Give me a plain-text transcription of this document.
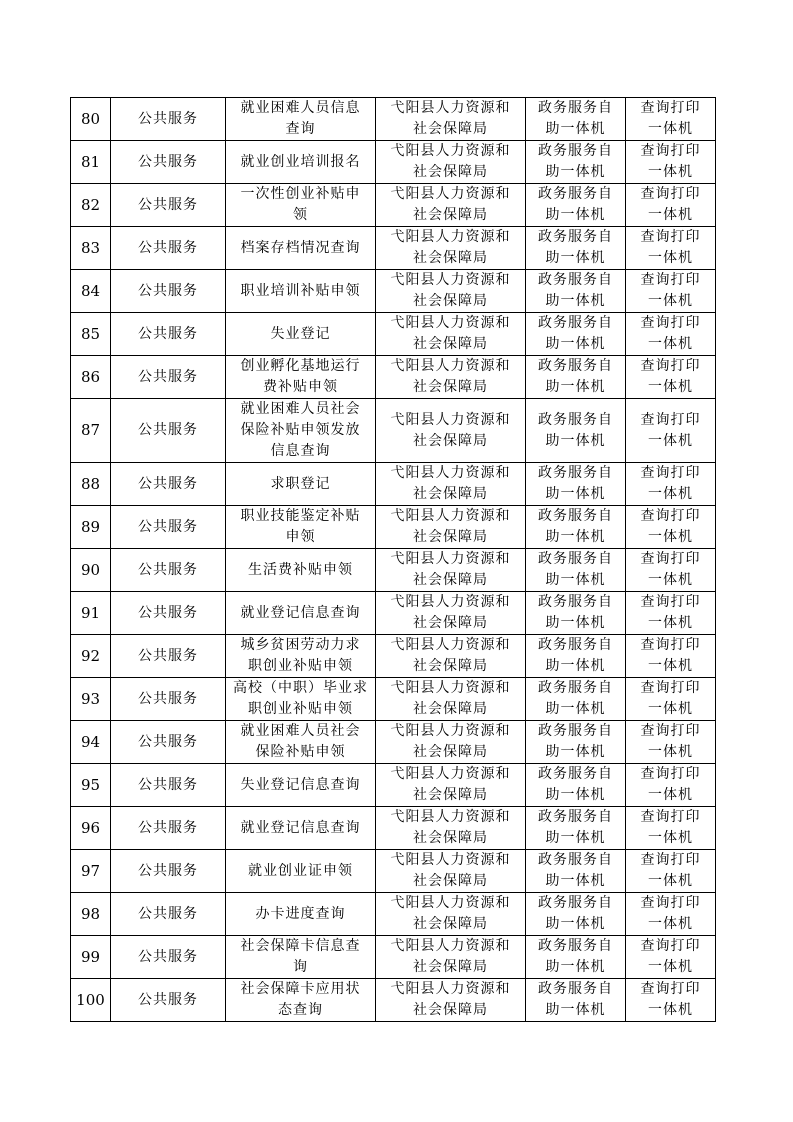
80	公共服务	就业困难人员信息
查询	弋阳县人力资源和
社会保障局	政务服务自
助一体机	查询打印
一体机

81	公共服务	就业创业培训报名	弋阳县人力资源和
社会保障局	政务服务自
助一体机	查询打印
一体机

82	公共服务	一次性创业补贴申
领	弋阳县人力资源和
社会保障局	政务服务自
助一体机	查询打印
一体机

83	公共服务	档案存档情况查询	弋阳县人力资源和
社会保障局	政务服务自
助一体机	查询打印
一体机

84	公共服务	职业培训补贴申领	弋阳县人力资源和
社会保障局	政务服务自
助一体机	查询打印
一体机

85	公共服务	失业登记	弋阳县人力资源和
社会保障局	政务服务自
助一体机	查询打印
一体机

86	公共服务	创业孵化基地运行
费补贴申领	弋阳县人力资源和
社会保障局	政务服务自
助一体机	查询打印
一体机

87	公共服务	就业困难人员社会
保险补贴申领发放
信息查询	弋阳县人力资源和
社会保障局	政务服务自
助一体机	查询打印
一体机

88	公共服务	求职登记	弋阳县人力资源和
社会保障局	政务服务自
助一体机	查询打印
一体机

89	公共服务	职业技能鉴定补贴
申领	弋阳县人力资源和
社会保障局	政务服务自
助一体机	查询打印
一体机

90	公共服务	生活费补贴申领	弋阳县人力资源和
社会保障局	政务服务自
助一体机	查询打印
一体机

91	公共服务	就业登记信息查询	弋阳县人力资源和
社会保障局	政务服务自
助一体机	查询打印
一体机

92	公共服务	城乡贫困劳动力求
职创业补贴申领	弋阳县人力资源和
社会保障局	政务服务自
助一体机	查询打印
一体机

93	公共服务	高校（中职）毕业求
职创业补贴申领	弋阳县人力资源和
社会保障局	政务服务自
助一体机	查询打印
一体机

94	公共服务	就业困难人员社会
保险补贴申领	弋阳县人力资源和
社会保障局	政务服务自
助一体机	查询打印
一体机

95	公共服务	失业登记信息查询	弋阳县人力资源和
社会保障局	政务服务自
助一体机	查询打印
一体机

96	公共服务	就业登记信息查询	弋阳县人力资源和
社会保障局	政务服务自
助一体机	查询打印
一体机

97	公共服务	就业创业证申领	弋阳县人力资源和
社会保障局	政务服务自
助一体机	查询打印
一体机

98	公共服务	办卡进度查询	弋阳县人力资源和
社会保障局	政务服务自
助一体机	查询打印
一体机

99	公共服务	社会保障卡信息查
询	弋阳县人力资源和
社会保障局	政务服务自
助一体机	查询打印
一体机

100	公共服务	社会保障卡应用状
态查询	弋阳县人力资源和
社会保障局	政务服务自
助一体机	查询打印
一体机
